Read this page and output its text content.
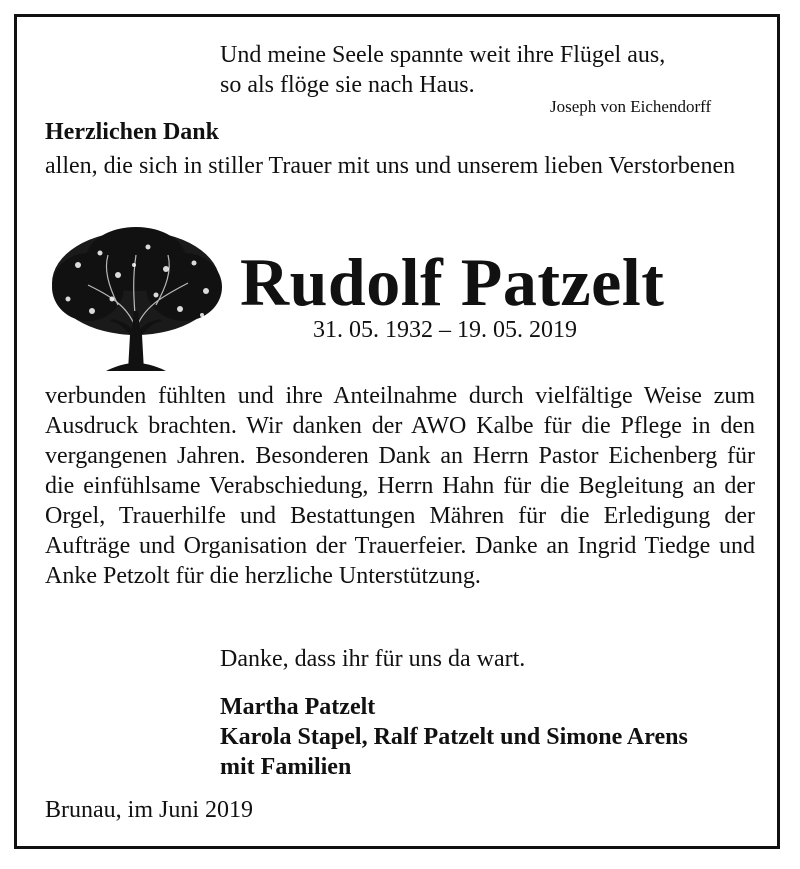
Und meine Seele spannte weit ihre Flügel aus,
so als flöge sie nach Haus.
Joseph von Eichendorff
Herzlichen Dank
allen, die sich in stiller Trauer mit uns und unserem lieben Verstorbenen
Rudolf Patzelt
31. 05. 1932 – 19. 05. 2019
verbunden fühlten und ihre Anteilnahme durch vielfältige Weise zum Ausdruck brachten. Wir danken der AWO Kalbe für die Pflege in den vergangenen Jahren. Besonderen Dank an Herrn Pastor Eichenberg für die einfühlsame Verabschiedung, Herrn Hahn für die Begleitung an der Orgel, Trauerhilfe und Bestattungen Mähren für die Erledigung der Aufträge und Organisation der Trauerfeier. Danke an Ingrid Tiedge und Anke Petzolt für die herzliche Unterstützung.
Danke, dass ihr für uns da wart.
Martha Patzelt
Karola Stapel, Ralf Patzelt und Simone Arens
mit Familien
Brunau, im Juni 2019
